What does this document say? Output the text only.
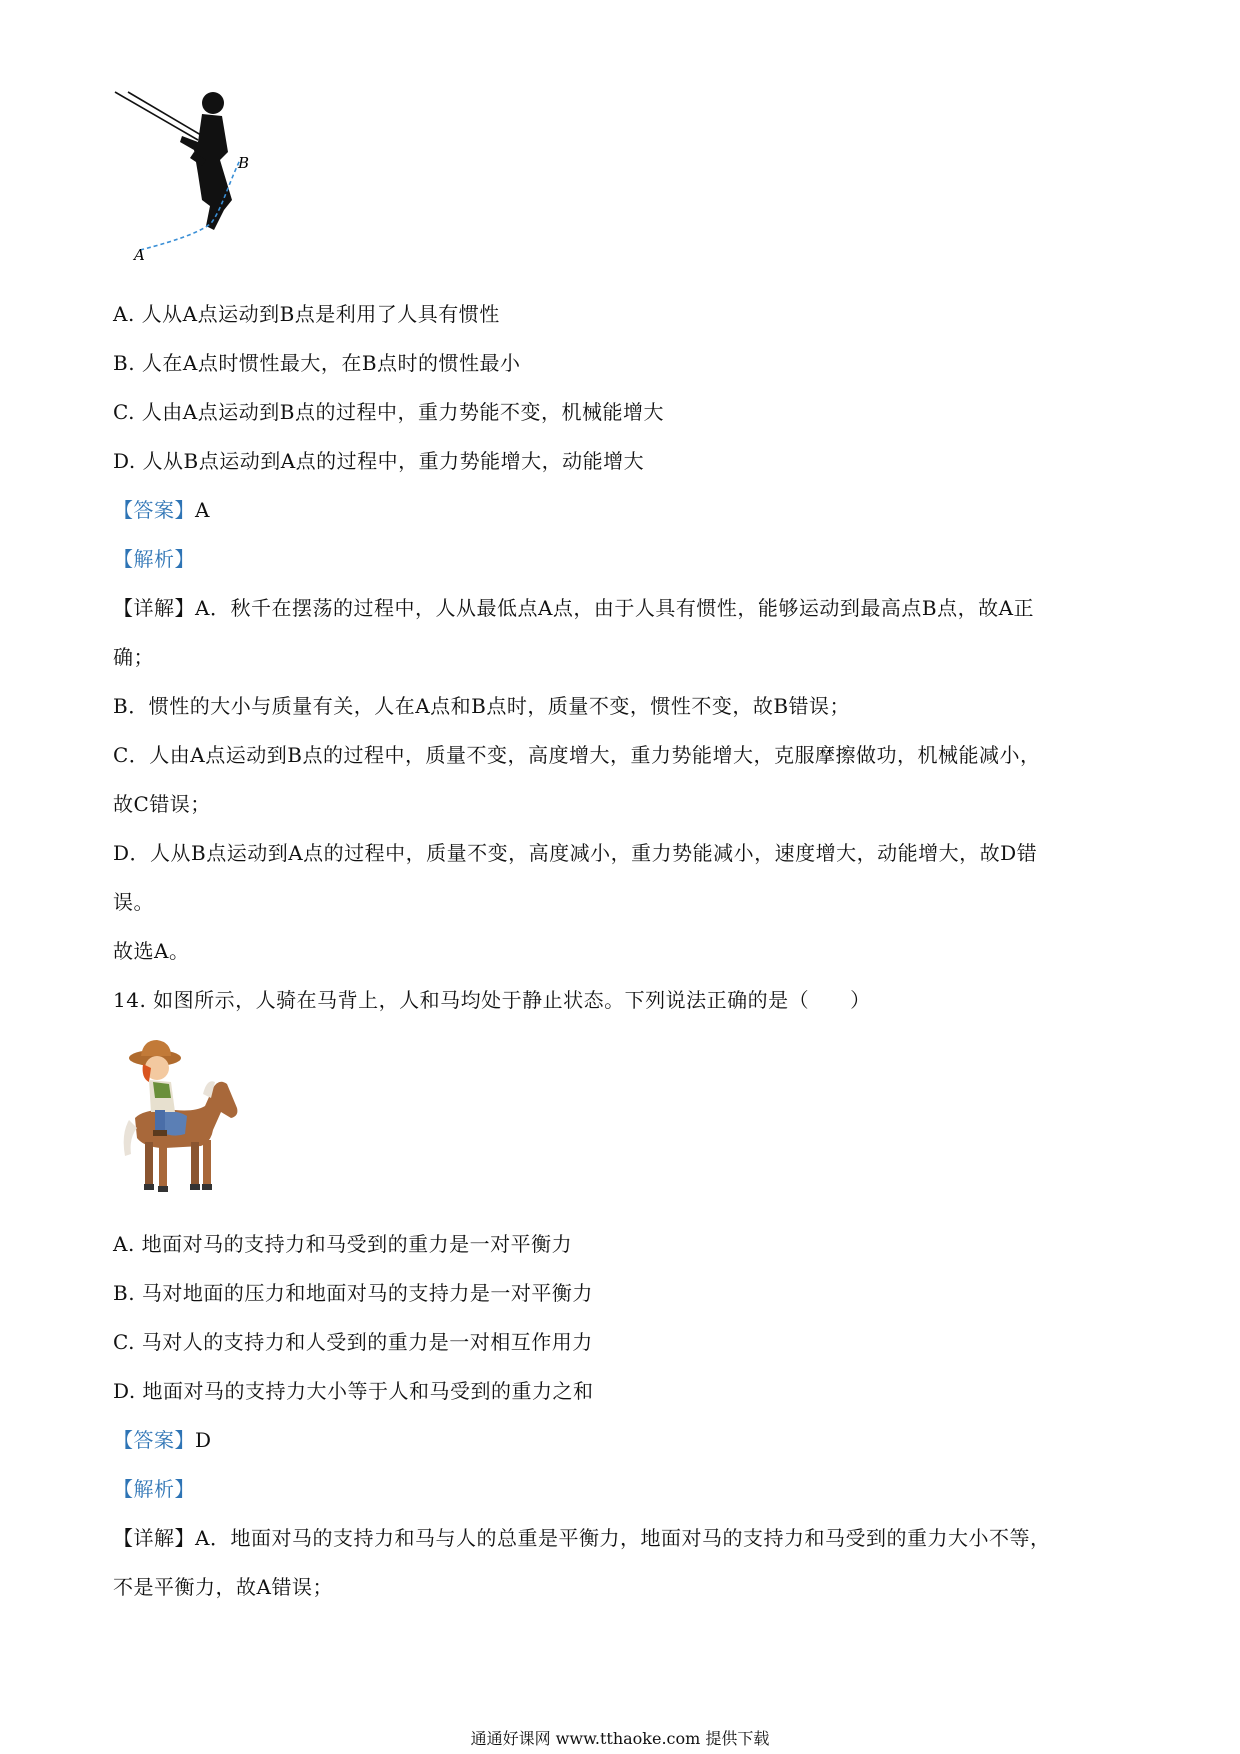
B
A
A. 人从A点运动到B点是利用了人具有惯性
B. 人在A点时惯性最大，在B点时的惯性最小
C. 人由A点运动到B点的过程中，重力势能不变，机械能增大
D. 人从B点运动到A点的过程中，重力势能增大，动能增大
【答案】A
【解析】
【详解】A．秋千在摆荡的过程中，人从最低点A点，由于人具有惯性，能够运动到最高点B点，故A正
确；
B．惯性的大小与质量有关，人在A点和B点时，质量不变，惯性不变，故B错误；
C．人由A点运动到B点的过程中，质量不变，高度增大，重力势能增大，克服摩擦做功，机械能减小，
故C错误；
D．人从B点运动到A点的过程中，质量不变，高度减小，重力势能减小，速度增大，动能增大，故D错
误。
故选A。
14. 如图所示，人骑在马背上，人和马均处于静止状态。下列说法正确的是（　　）
A. 地面对马的支持力和马受到的重力是一对平衡力
B. 马对地面的压力和地面对马的支持力是一对平衡力
C. 马对人的支持力和人受到的重力是一对相互作用力
D. 地面对马的支持力大小等于人和马受到的重力之和
【答案】D
【解析】
【详解】A．地面对马的支持力和马与人的总重是平衡力，地面对马的支持力和马受到的重力大小不等，
不是平衡力，故A错误；
通通好课网 www.tthaoke.com 提供下载
